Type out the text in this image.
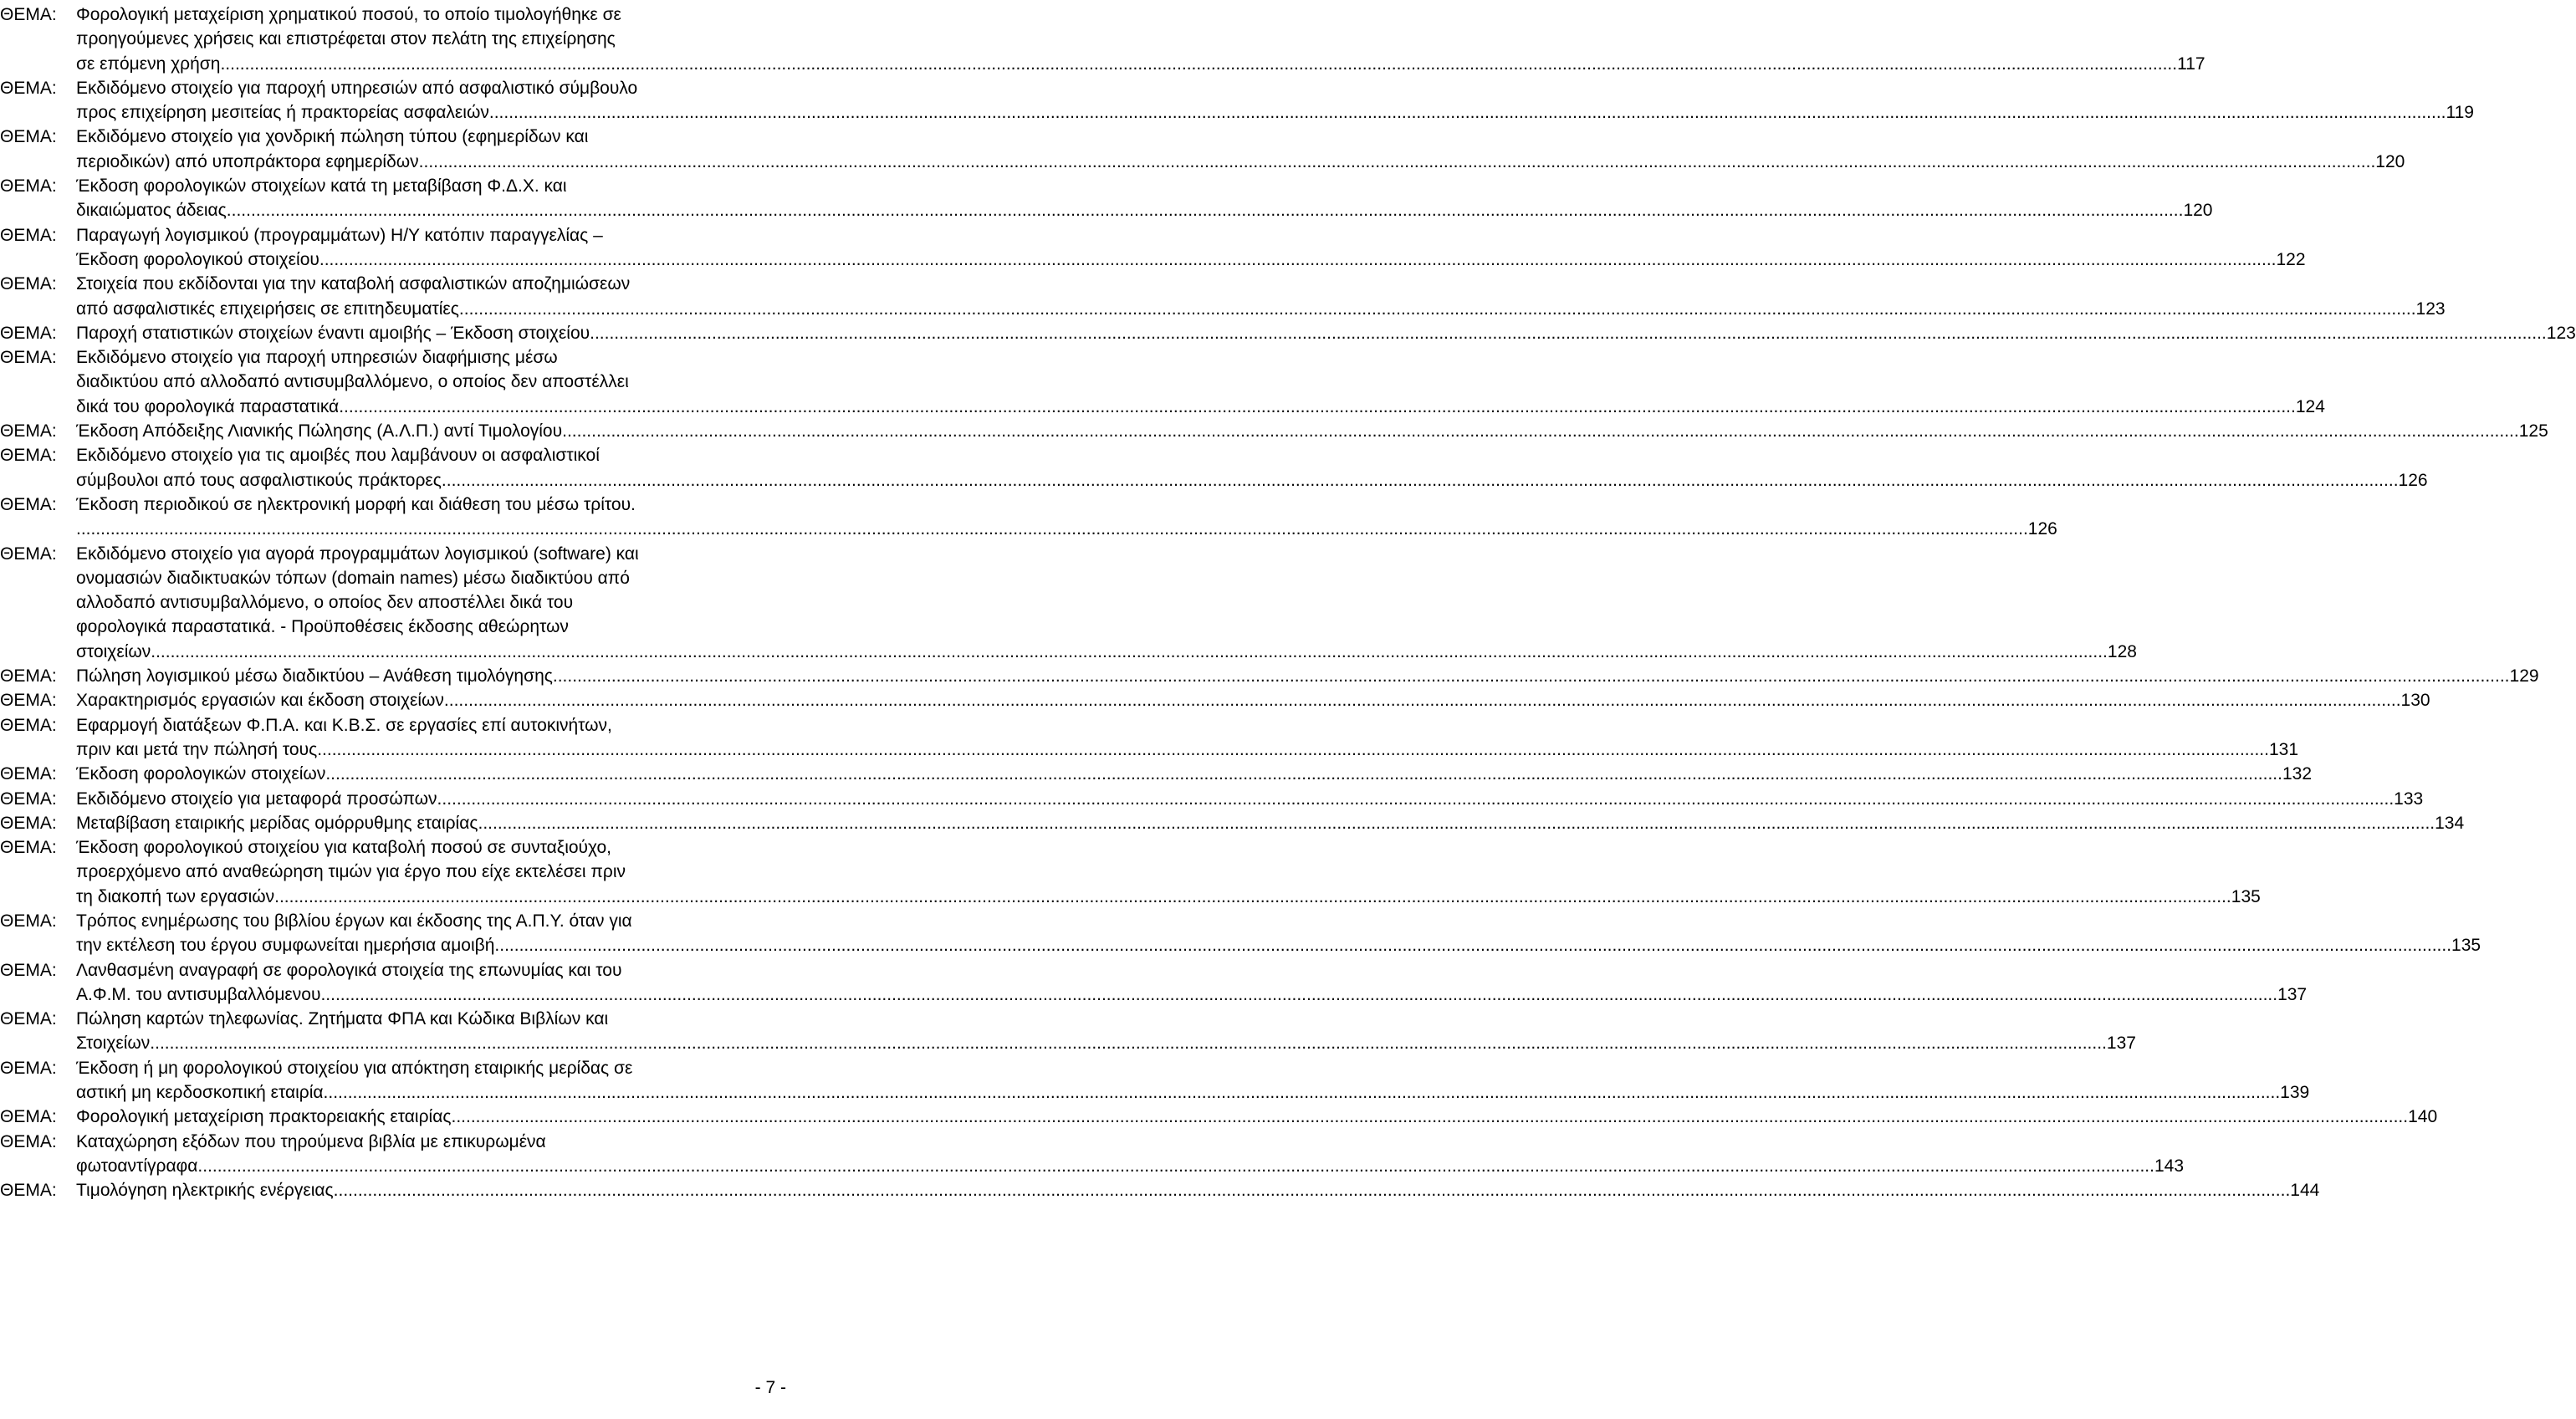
ΘΕΜΑ:	Φορολογική μεταχείριση χρηματικού ποσού, το οποίο τιμολογήθηκε σε
προηγούμενες χρήσεις και επιστρέφεται στον πελάτη της επιχείρησης
σε επόμενη χρήση. ................................................................................................................................................................................................................................................................................................................................................................................................................ 117
ΘΕΜΑ:	Εκδιδόμενο στοιχείο για παροχή υπηρεσιών από ασφαλιστικό σύμβουλο
προς επιχείρηση μεσιτείας ή πρακτορείας ασφαλειών. ................................................................................................................................................................................................................................................................................................................................................................................................................ 119
ΘΕΜΑ:	Εκδιδόμενο στοιχείο για χονδρική πώληση τύπου (εφημερίδων και
περιοδικών) από υποπράκτορα εφημερίδων. ................................................................................................................................................................................................................................................................................................................................................................................................................ 120
ΘΕΜΑ:	Έκδοση φορολογικών στοιχείων κατά τη μεταβίβαση Φ.Δ.Χ. και
δικαιώματος άδειας. ................................................................................................................................................................................................................................................................................................................................................................................................................ 120
ΘΕΜΑ:	Παραγωγή λογισμικού (προγραμμάτων) Η/Υ κατόπιν παραγγελίας –
Έκδοση φορολογικού στοιχείου. ................................................................................................................................................................................................................................................................................................................................................................................................................ 122
ΘΕΜΑ:	Στοιχεία που εκδίδονται για την καταβολή ασφαλιστικών αποζημιώσεων
από ασφαλιστικές επιχειρήσεις σε επιτηδευματίες. ................................................................................................................................................................................................................................................................................................................................................................................................................ 123
ΘΕΜΑ:	Παροχή στατιστικών στοιχείων έναντι αμοιβής – Έκδοση στοιχείου. ................................................................................................................................................................................................................................................................................................................................................................................................................ 123
ΘΕΜΑ:	Εκδιδόμενο στοιχείο για παροχή υπηρεσιών διαφήμισης μέσω
διαδικτύου από αλλοδαπό αντισυμβαλλόμενο, ο οποίος δεν αποστέλλει
δικά του φορολογικά παραστατικά. ................................................................................................................................................................................................................................................................................................................................................................................................................ 124
ΘΕΜΑ:	Έκδοση Απόδειξης Λιανικής Πώλησης (Α.Λ.Π.) αντί Τιμολογίου. ................................................................................................................................................................................................................................................................................................................................................................................................................ 125
ΘΕΜΑ:	Εκδιδόμενο στοιχείο για τις αμοιβές που λαμβάνουν οι ασφαλιστικοί
σύμβουλοι από τους ασφαλιστικούς πράκτορες. ................................................................................................................................................................................................................................................................................................................................................................................................................ 126
ΘΕΜΑ:	Έκδοση περιοδικού σε ηλεκτρονική μορφή και διάθεση του μέσω τρίτου.
................................................................................................................................................................................................................................................................................................................................................................................................................ 126
ΘΕΜΑ:	Εκδιδόμενο στοιχείο για αγορά προγραμμάτων λογισμικού (software) και
ονομασιών διαδικτυακών τόπων (domain names) μέσω διαδικτύου από
αλλοδαπό αντισυμβαλλόμενο, ο οποίος δεν αποστέλλει δικά του
φορολογικά παραστατικά. - Προϋποθέσεις έκδοσης αθεώρητων
στοιχείων. ................................................................................................................................................................................................................................................................................................................................................................................................................ 128
ΘΕΜΑ:	Πώληση λογισμικού μέσω διαδικτύου – Ανάθεση τιμολόγησης. ................................................................................................................................................................................................................................................................................................................................................................................................................ 129
ΘΕΜΑ:	Χαρακτηρισμός εργασιών και έκδοση στοιχείων. ................................................................................................................................................................................................................................................................................................................................................................................................................ 130
ΘΕΜΑ:	Εφαρμογή διατάξεων Φ.Π.Α. και Κ.Β.Σ. σε εργασίες επί αυτοκινήτων,
πριν και μετά την πώλησή τους ................................................................................................................................................................................................................................................................................................................................................................................................................ 131
ΘΕΜΑ:	Έκδοση φορολογικών στοιχείων. ................................................................................................................................................................................................................................................................................................................................................................................................................ 132
ΘΕΜΑ:	Εκδιδόμενο στοιχείο για μεταφορά προσώπων. ................................................................................................................................................................................................................................................................................................................................................................................................................ 133
ΘΕΜΑ:	Μεταβίβαση εταιρικής μερίδας ομόρρυθμης εταιρίας. ................................................................................................................................................................................................................................................................................................................................................................................................................ 134
ΘΕΜΑ:	Έκδοση φορολογικού στοιχείου για καταβολή ποσού σε συνταξιούχο,
προερχόμενο από αναθεώρηση τιμών για έργο που είχε εκτελέσει πριν
τη διακοπή των εργασιών. ................................................................................................................................................................................................................................................................................................................................................................................................................ 135
ΘΕΜΑ:	Τρόπος ενημέρωσης του βιβλίου έργων και έκδοσης της Α.Π.Υ. όταν για
την εκτέλεση του έργου συμφωνείται ημερήσια αμοιβή. ................................................................................................................................................................................................................................................................................................................................................................................................................ 135
ΘΕΜΑ:	Λανθασμένη αναγραφή σε φορολογικά στοιχεία της επωνυμίας και του
Α.Φ.Μ. του αντισυμβαλλόμενου. ................................................................................................................................................................................................................................................................................................................................................................................................................ 137
ΘΕΜΑ:	Πώληση καρτών τηλεφωνίας. Ζητήματα ΦΠΑ και Κώδικα Βιβλίων και
Στοιχείων. ................................................................................................................................................................................................................................................................................................................................................................................................................ 137
ΘΕΜΑ:	Έκδοση ή μη φορολογικού στοιχείου για απόκτηση εταιρικής μερίδας σε
αστική μη κερδοσκοπική εταιρία. ................................................................................................................................................................................................................................................................................................................................................................................................................ 139
ΘΕΜΑ:	Φορολογική μεταχείριση πρακτορειακής εταιρίας. ................................................................................................................................................................................................................................................................................................................................................................................................................ 140
ΘΕΜΑ:	Καταχώρηση εξόδων που τηρούμενα βιβλία με επικυρωμένα
φωτοαντίγραφα. ................................................................................................................................................................................................................................................................................................................................................................................................................ 143
ΘΕΜΑ:	Τιμολόγηση ηλεκτρικής ενέργειας. ................................................................................................................................................................................................................................................................................................................................................................................................................ 144
- 7 -
